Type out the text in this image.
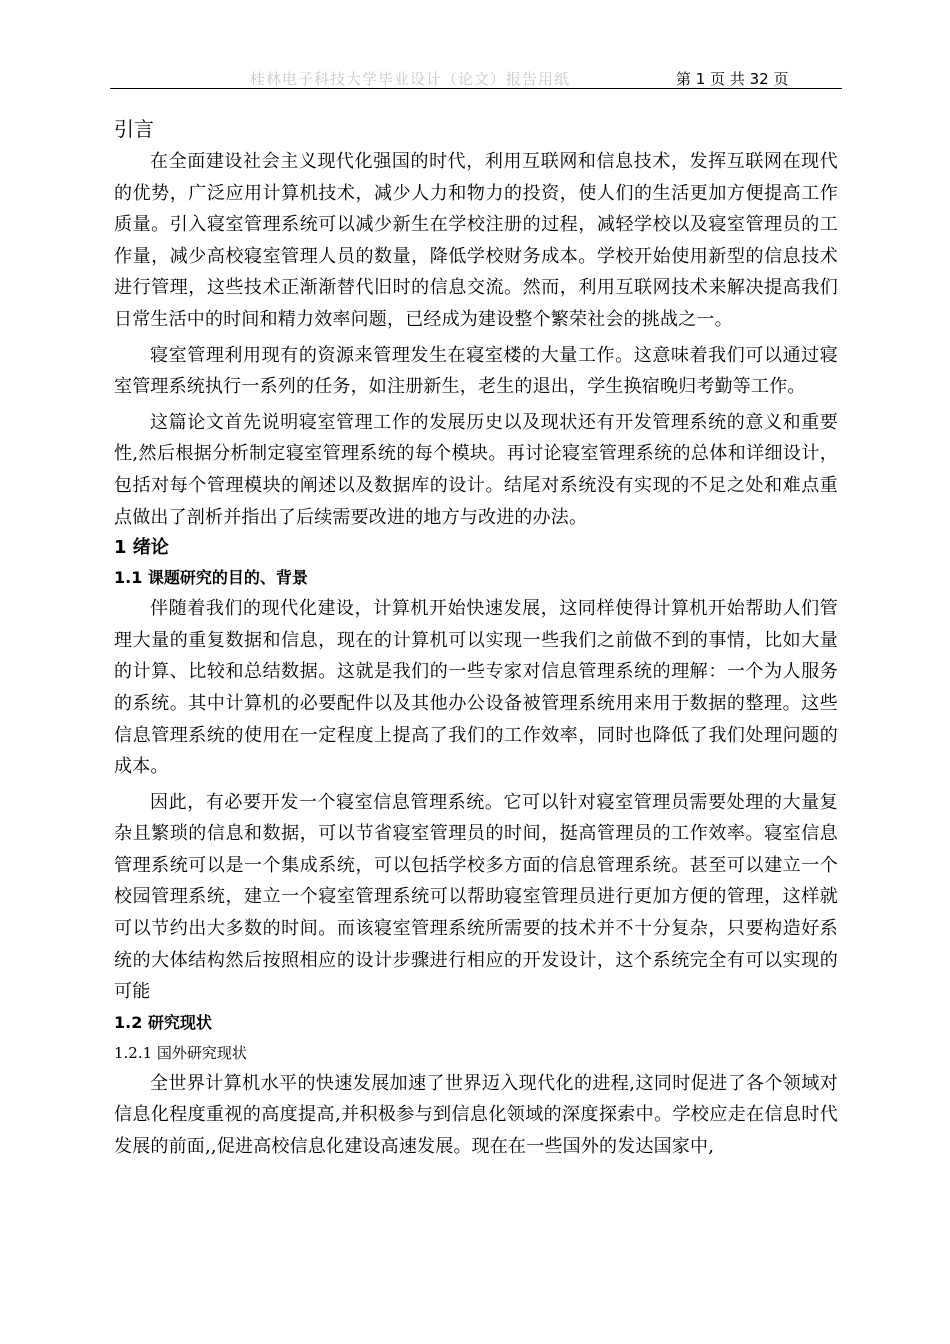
桂林电子科技大学毕业设计（论文）报告用纸	第 1 页 共 32 页
引言

在全面建设社会主义现代化强国的时代，利用互联网和信息技术，发挥互联网在现代的优势，广泛应用计算机技术，减少人力和物力的投资，使人们的生活更加方便提高工作质量。引入寝室管理系统可以减少新生在学校注册的过程，减轻学校以及寝室管理员的工作量，减少高校寝室管理人员的数量，降低学校财务成本。学校开始使用新型的信息技术进行管理，这些技术正渐渐替代旧时的信息交流。然而，利用互联网技术来解决提高我们日常生活中的时间和精力效率问题，已经成为建设整个繁荣社会的挑战之一。

寝室管理利用现有的资源来管理发生在寝室楼的大量工作。这意味着我们可以通过寝室管理系统执行一系列的任务，如注册新生，老生的退出，学生换宿晚归考勤等工作。

这篇论文首先说明寝室管理工作的发展历史以及现状还有开发管理系统的意义和重要性,然后根据分析制定寝室管理系统的每个模块。再讨论寝室管理系统的总体和详细设计，包括对每个管理模块的阐述以及数据库的设计。结尾对系统没有实现的不足之处和难点重点做出了剖析并指出了后续需要改进的地方与改进的办法。

1 绪论
1.1 课题研究的目的、背景

伴随着我们的现代化建设，计算机开始快速发展，这同样使得计算机开始帮助人们管理大量的重复数据和信息，现在的计算机可以实现一些我们之前做不到的事情，比如大量的计算、比较和总结数据。这就是我们的一些专家对信息管理系统的理解：一个为人服务的系统。其中计算机的必要配件以及其他办公设备被管理系统用来用于数据的整理。这些信息管理系统的使用在一定程度上提高了我们的工作效率，同时也降低了我们处理问题的成本。

因此，有必要开发一个寝室信息管理系统。它可以针对寝室管理员需要处理的大量复杂且繁琐的信息和数据，可以节省寝室管理员的时间，挺高管理员的工作效率。寝室信息管理系统可以是一个集成系统，可以包括学校多方面的信息管理系统。甚至可以建立一个校园管理系统，建立一个寝室管理系统可以帮助寝室管理员进行更加方便的管理，这样就可以节约出大多数的时间。而该寝室管理系统所需要的技术并不十分复杂，只要构造好系统的大体结构然后按照相应的设计步骤进行相应的开发设计，这个系统完全有可以实现的可能

1.2 研究现状
1.2.1 国外研究现状

全世界计算机水平的快速发展加速了世界迈入现代化的进程,这同时促进了各个领域对信息化程度重视的高度提高,并积极参与到信息化领域的深度探索中。学校应走在信息时代发展的前面,,促进高校信息化建设高速发展。现在在一些国外的发达国家中,
